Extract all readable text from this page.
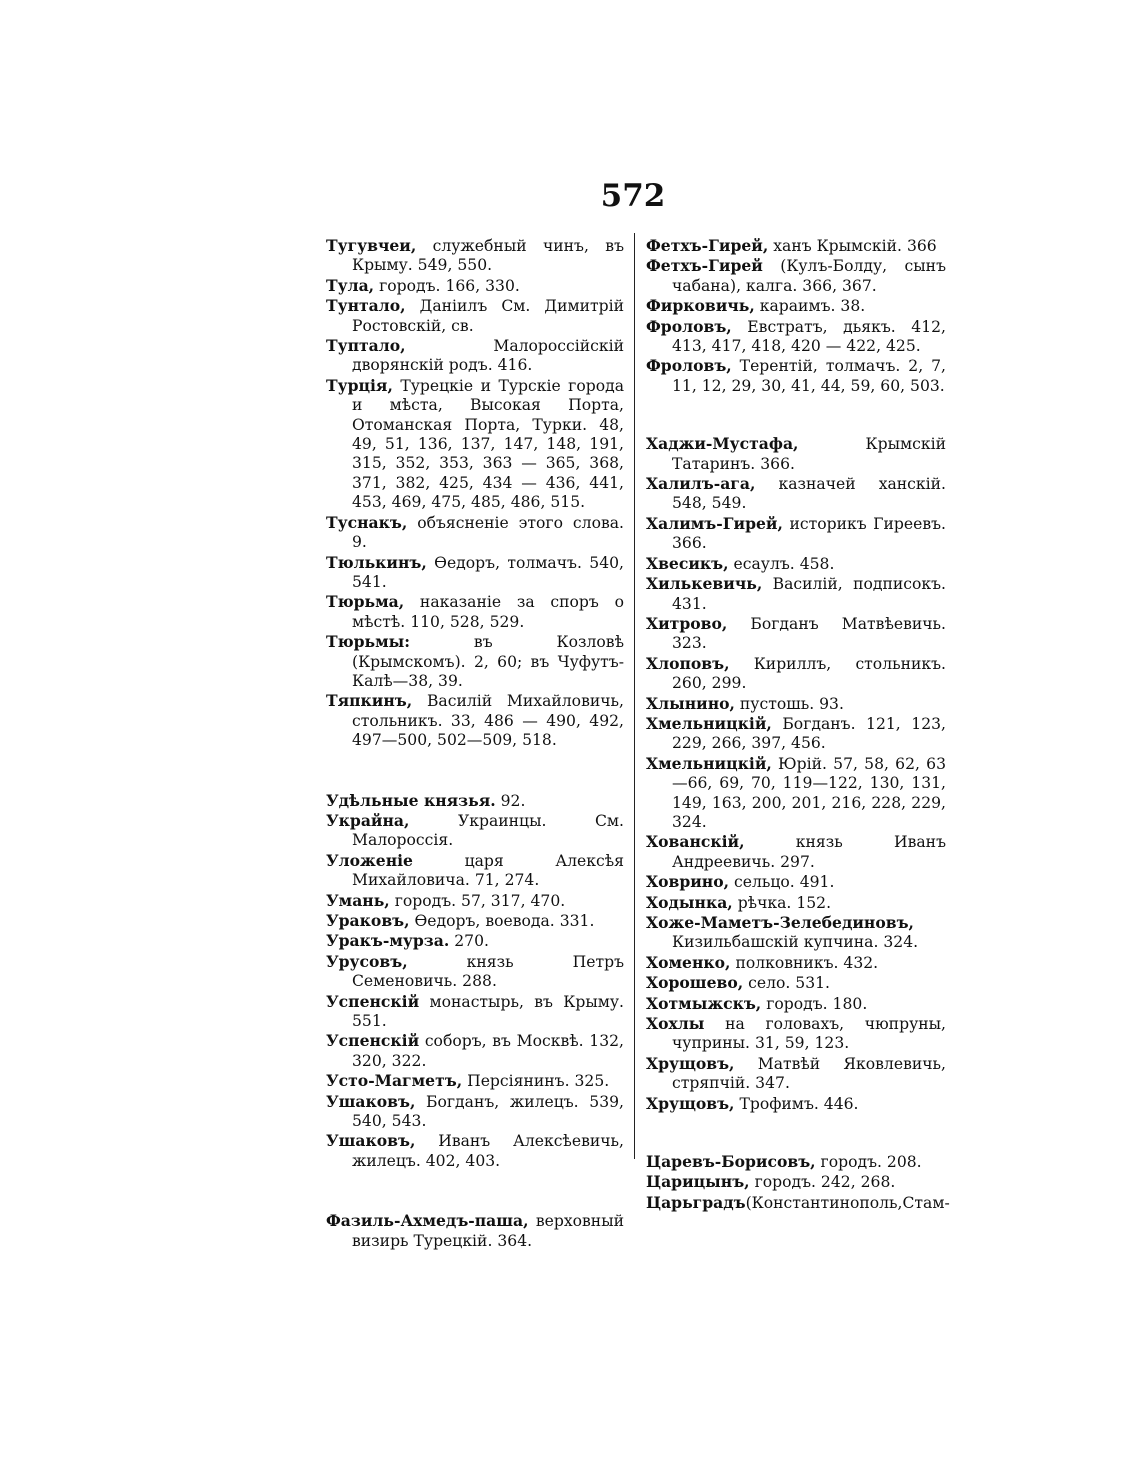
572

Тугувчеи, служебный чинъ, въ Крыму. 549, 550.

Тула, городъ. 166, 330.

Тунтало, Даніилъ См. Димитрій Ростовскій, св.

Туптало, Малороссійскій дворянскій родъ. 416.

Турція, Турецкіе и Турскіе города и мѣста, Высокая Порта, Отоманская Порта, Турки. 48, 49, 51, 136, 137, 147, 148, 191, 315, 352, 353, 363 — 365, 368, 371, 382, 425, 434 — 436, 441, 453, 469, 475, 485, 486, 515.

Туснакъ, объясненіе этого слова. 9.

Тюлькинъ, Ѳедоръ, толмачъ. 540, 541.

Тюрьма, наказаніе за споръ о мѣстѣ. 110, 528, 529.

Тюрьмы: въ Козловѣ (Крымскомъ). 2, 60; въ Чуфутъ-Калѣ—38, 39.

Тяпкинъ, Василій Михайловичь, стольникъ. 33, 486 — 490, 492, 497—500, 502—509, 518.

Удѣльные князья. 92.

Украйна, Украинцы. См. Малороссія.

Уложеніе царя Алексѣя Михайловича. 71, 274.

Умань, городъ. 57, 317, 470.

Ураковъ, Ѳедоръ, воевода. 331.

Уракъ-мурза. 270.

Урусовъ, князь Петръ Семеновичь. 288.

Успенскій монастырь, въ Крыму. 551.

Успенскій соборъ, въ Москвѣ. 132, 320, 322.

Усто-Магметъ, Персіянинъ. 325.

Ушаковъ, Богданъ, жилецъ. 539, 540, 543.

Ушаковъ, Иванъ Алексѣевичь, жилецъ. 402, 403.

Фазиль-Ахмедъ-паша, верховный визирь Турецкій. 364.

Фетхъ-Гирей, ханъ Крымскій. 366

Фетхъ-Гирей (Кулъ-Болду, сынъ чабана), калга. 366, 367.

Фирковичь, караимъ. 38.

Фроловъ, Евстратъ, дьякъ. 412, 413, 417, 418, 420 — 422, 425.

Фроловъ, Терентій, толмачъ. 2, 7, 11, 12, 29, 30, 41, 44, 59, 60, 503.

Хаджи-Мустафа, Крымскій Татаринъ. 366.

Халилъ-ага, казначей ханскій. 548, 549.

Халимъ-Гирей, историкъ Гиреевъ. 366.

Хвесикъ, есаулъ. 458.

Хилькевичь, Василій, подписокъ. 431.

Хитрово, Богданъ Матвѣевичь. 323.

Хлоповъ, Кириллъ, стольникъ. 260, 299.

Хлынино, пустошь. 93.

Хмельницкій, Богданъ. 121, 123, 229, 266, 397, 456.

Хмельницкій, Юрій. 57, 58, 62, 63—66, 69, 70, 119—122, 130, 131, 149, 163, 200, 201, 216, 228, 229, 324.

Хованскій, князь Иванъ Андреевичь. 297.

Ховрино, сельцо. 491.

Ходынка, рѣчка. 152.

Хоже-Маметъ-Зелебединовъ, Кизильбашскій купчина. 324.

Хоменко, полковникъ. 432.

Хорошево, село. 531.

Хотмыжскъ, городъ. 180.

Хохлы на головахъ, чюпруны, чуприны. 31, 59, 123.

Хрущовъ, Матвѣй Яковлевичь, стряпчій. 347.

Хрущовъ, Трофимъ. 446.

Царевъ-Борисовъ, городъ. 208.

Царицынъ, городъ. 242, 268.

Царьградъ(Константинополь,Стам-
